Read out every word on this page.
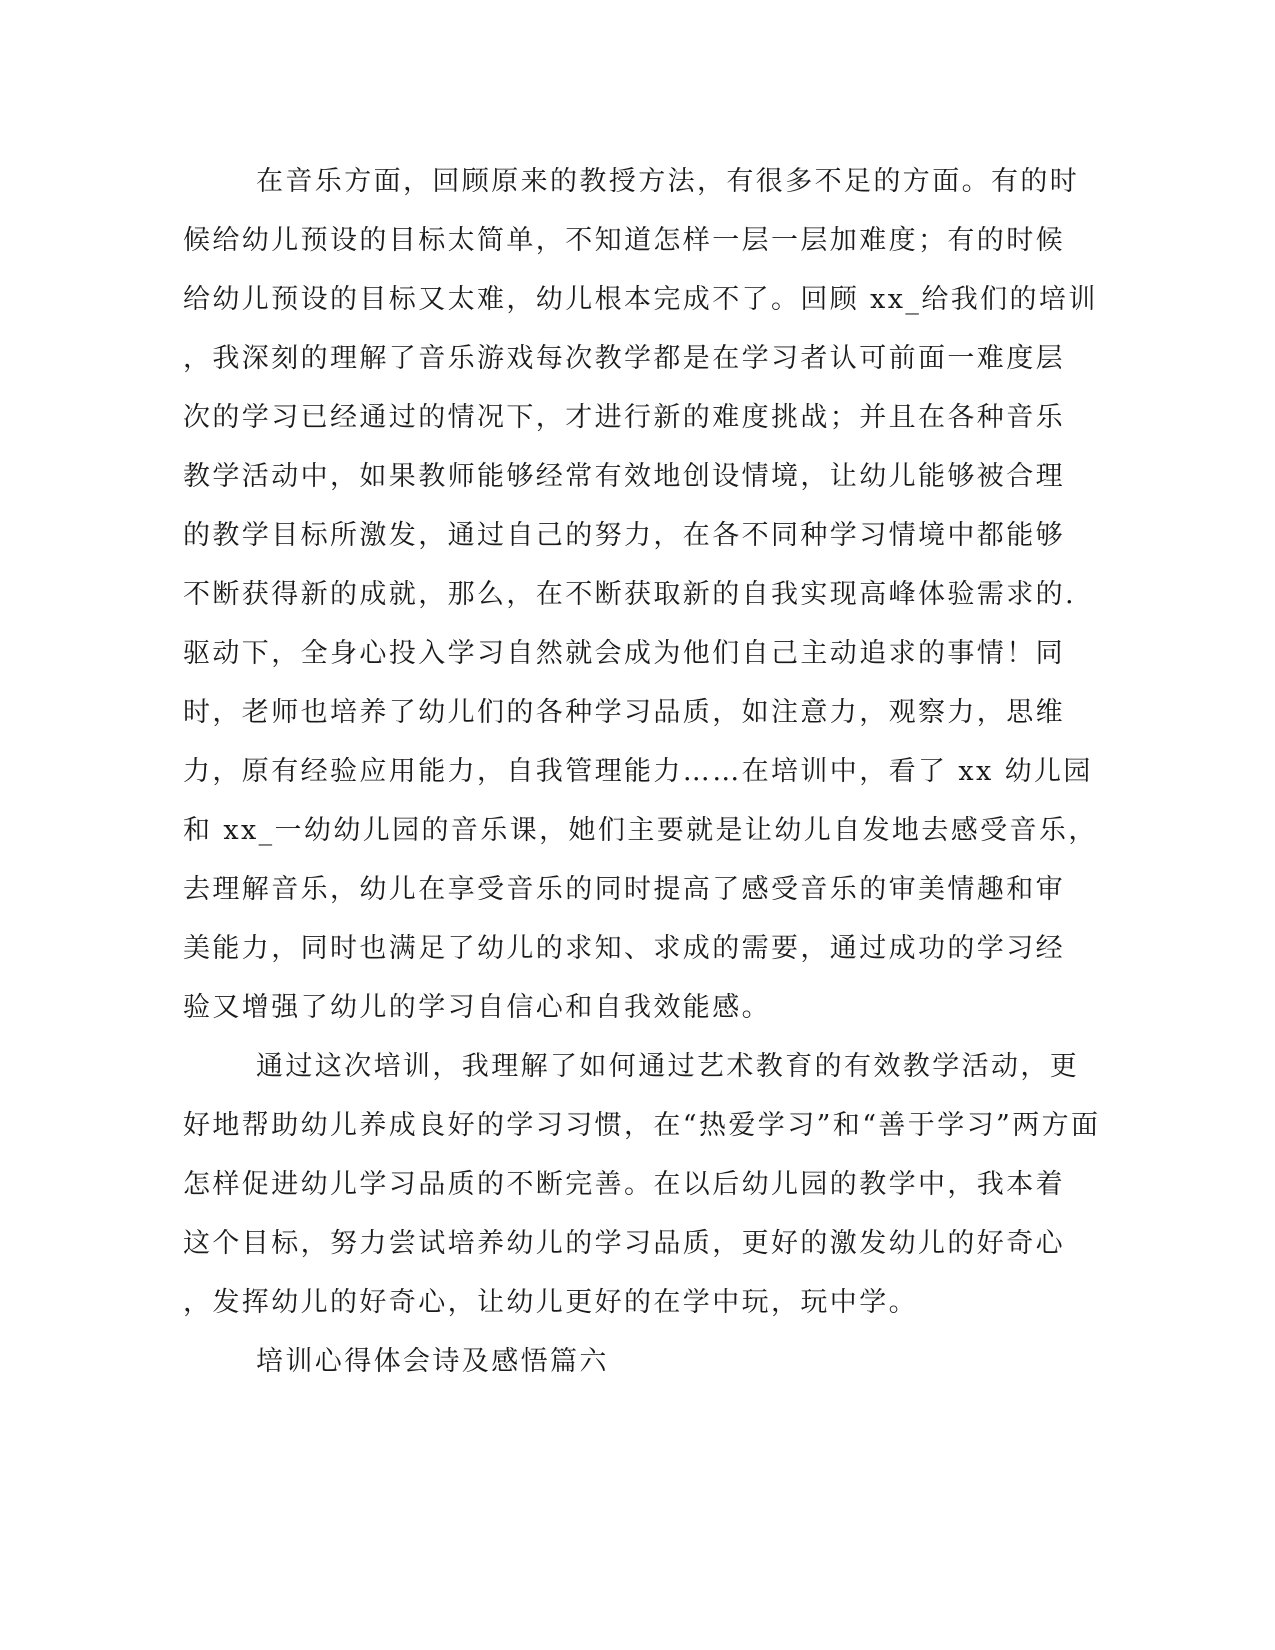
在音乐方面，回顾原来的教授方法，有很多不足的方面。有的时
候给幼儿预设的目标太简单，不知道怎样一层一层加难度；有的时候
给幼儿预设的目标又太难，幼儿根本完成不了。回顾 xx_给我们的培训
，我深刻的理解了音乐游戏每次教学都是在学习者认可前面一难度层
次的学习已经通过的情况下，才进行新的难度挑战；并且在各种音乐
教学活动中，如果教师能够经常有效地创设情境，让幼儿能够被合理
的教学目标所激发，通过自己的努力，在各不同种学习情境中都能够
不断获得新的成就，那么，在不断获取新的自我实现高峰体验需求的.
驱动下，全身心投入学习自然就会成为他们自己主动追求的事情！同
时，老师也培养了幼儿们的各种学习品质，如注意力，观察力，思维
力，原有经验应用能力，自我管理能力……在培训中，看了 xx 幼儿园
和 xx_一幼幼儿园的音乐课，她们主要就是让幼儿自发地去感受音乐，
去理解音乐，幼儿在享受音乐的同时提高了感受音乐的审美情趣和审
美能力，同时也满足了幼儿的求知、求成的需要，通过成功的学习经
验又增强了幼儿的学习自信心和自我效能感。
通过这次培训，我理解了如何通过艺术教育的有效教学活动，更
好地帮助幼儿养成良好的学习习惯，在“热爱学习”和“善于学习”两方面
怎样促进幼儿学习品质的不断完善。在以后幼儿园的教学中，我本着
这个目标，努力尝试培养幼儿的学习品质，更好的激发幼儿的好奇心
，发挥幼儿的好奇心，让幼儿更好的在学中玩，玩中学。
培训心得体会诗及感悟篇六
